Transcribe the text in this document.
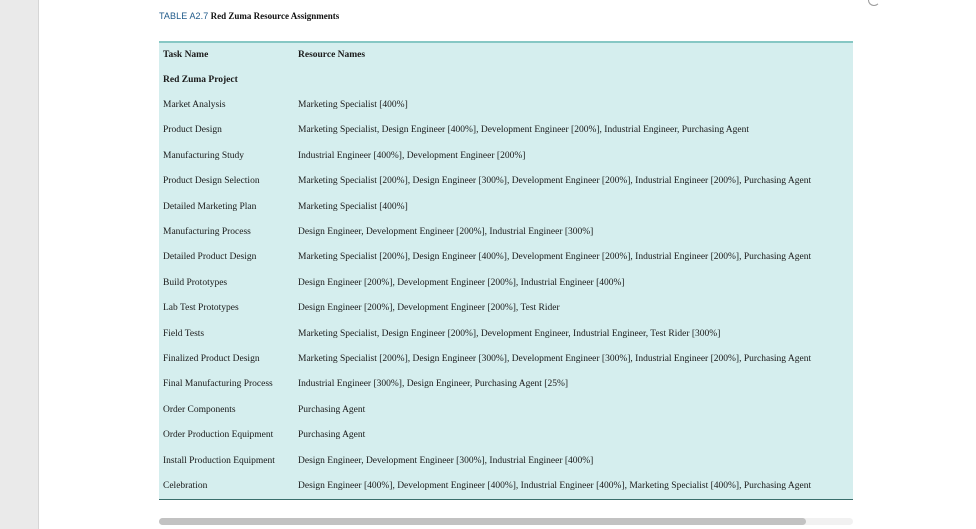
TABLE A2.7 Red Zuma Resource Assignments
Task Name	Resource Names
Red Zuma Project	
Market Analysis	Marketing Specialist [400%]
Product Design	Marketing Specialist, Design Engineer [400%], Development Engineer [200%], Industrial Engineer, Purchasing Agent
Manufacturing Study	Industrial Engineer [400%], Development Engineer [200%]
Product Design Selection	Marketing Specialist [200%], Design Engineer [300%], Development Engineer [200%], Industrial Engineer [200%], Purchasing Agent
Detailed Marketing Plan	Marketing Specialist [400%]
Manufacturing Process	Design Engineer, Development Engineer [200%], Industrial Engineer [300%]
Detailed Product Design	Marketing Specialist [200%], Design Engineer [400%], Development Engineer [200%], Industrial Engineer [200%], Purchasing Agent
Build Prototypes	Design Engineer [200%], Development Engineer [200%], Industrial Engineer [400%]
Lab Test Prototypes	Design Engineer [200%], Development Engineer [200%], Test Rider
Field Tests	Marketing Specialist, Design Engineer [200%], Development Engineer, Industrial Engineer, Test Rider [300%]
Finalized Product Design	Marketing Specialist [200%], Design Engineer [300%], Development Engineer [300%], Industrial Engineer [200%], Purchasing Agent
Final Manufacturing Process	Industrial Engineer [300%], Design Engineer, Purchasing Agent [25%]
Order Components	Purchasing Agent
Order Production Equipment	Purchasing Agent
Install Production Equipment	Design Engineer, Development Engineer [300%], Industrial Engineer [400%]
Celebration	Design Engineer [400%], Development Engineer [400%], Industrial Engineer [400%], Marketing Specialist [400%], Purchasing Agent
